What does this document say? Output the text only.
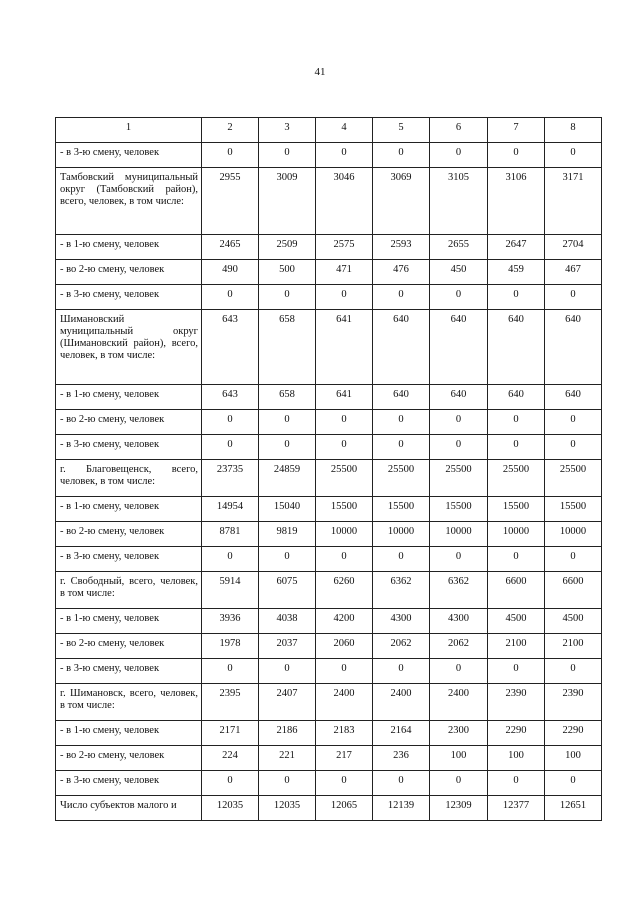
41
1	2	3	4	5	6	7	8
- в 3-ю смену, человек	0	0	0	0	0	0	0
Тамбовский муниципальный округ (Тамбовский район), всего, человек, в том числе:	2955	3009	3046	3069	3105	3106	3171
- в 1-ю смену, человек	2465	2509	2575	2593	2655	2647	2704
- во 2-ю смену, человек	490	500	471	476	450	459	467
- в 3-ю смену, человек	0	0	0	0	0	0	0
Шимановский муниципальный округ (Шимановский район), всего, человек, в том числе:	643	658	641	640	640	640	640
- в 1-ю смену, человек	643	658	641	640	640	640	640
- во 2-ю смену, человек	0	0	0	0	0	0	0
- в 3-ю смену, человек	0	0	0	0	0	0	0
г. Благовещенск, всего, человек, в том числе:	23735	24859	25500	25500	25500	25500	25500
- в 1-ю смену, человек	14954	15040	15500	15500	15500	15500	15500
- во 2-ю смену, человек	8781	9819	10000	10000	10000	10000	10000
- в 3-ю смену, человек	0	0	0	0	0	0	0
г. Свободный, всего, человек, в том числе:	5914	6075	6260	6362	6362	6600	6600
- в 1-ю смену, человек	3936	4038	4200	4300	4300	4500	4500
- во 2-ю смену, человек	1978	2037	2060	2062	2062	2100	2100
- в 3-ю смену, человек	0	0	0	0	0	0	0
г. Шимановск, всего, человек, в том числе:	2395	2407	2400	2400	2400	2390	2390
- в 1-ю смену, человек	2171	2186	2183	2164	2300	2290	2290
- во 2-ю смену, человек	224	221	217	236	100	100	100
- в 3-ю смену, человек	0	0	0	0	0	0	0
Число субъектов малого и	12035	12035	12065	12139	12309	12377	12651
